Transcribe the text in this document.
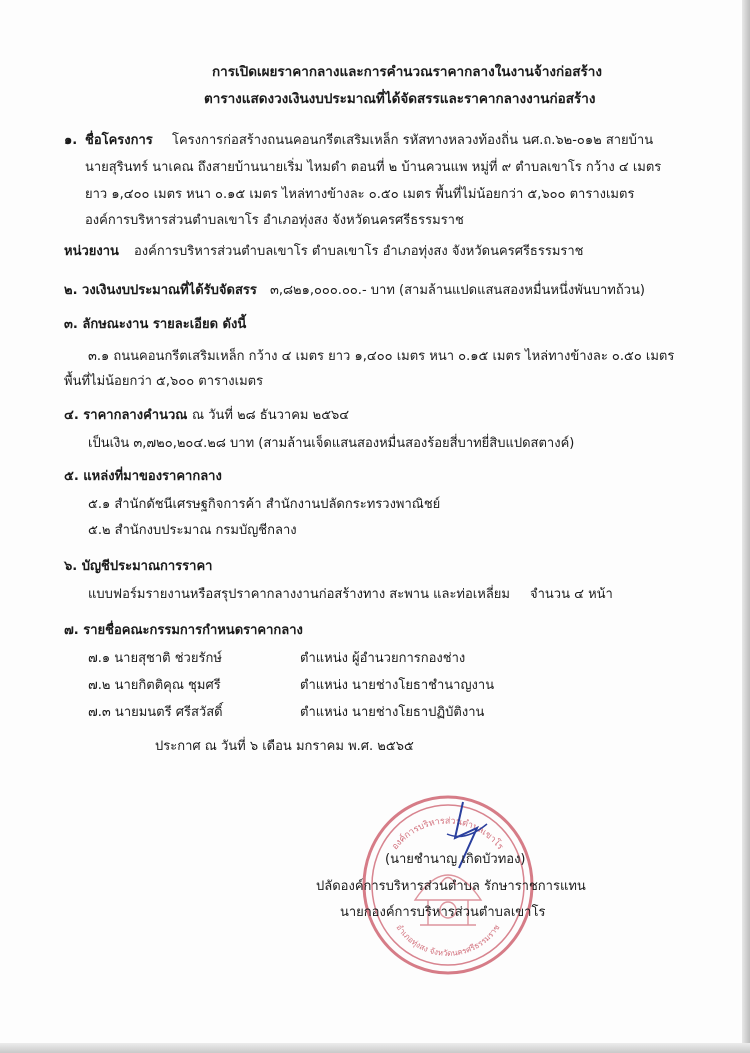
การเปิดเผยราคากลางและการคำนวณราคากลางในงานจ้างก่อสร้าง
ตารางแสดงวงเงินงบประมาณที่ได้จัดสรรและราคากลางงานก่อสร้าง
๑. ชื่อโครงการ โครงการก่อสร้างถนนคอนกรีตเสริมเหล็ก รหัสทางหลวงท้องถิ่น นศ.ถ.๖๒-๐๑๒ สายบ้าน
นายสุรินทร์ นาเคณ ถึงสายบ้านนายเริ่ม ไหมดำ ตอนที่ ๒ บ้านควนแพ หมู่ที่ ๙ ตำบลเขาโร กว้าง ๔ เมตร
ยาว ๑,๔๐๐ เมตร หนา ๐.๑๕ เมตร ไหล่ทางข้างละ ๐.๕๐ เมตร พื้นที่ไม่น้อยกว่า ๕,๖๐๐ ตารางเมตร
องค์การบริหารส่วนตำบลเขาโร อำเภอทุ่งสง จังหวัดนครศรีธรรมราช
หน่วยงาน องค์การบริหารส่วนตำบลเขาโร ตำบลเขาโร อำเภอทุ่งสง จังหวัดนครศรีธรรมราช
๒. วงเงินงบประมาณที่ได้รับจัดสรร ๓,๘๒๑,๐๐๐.๐๐.- บาท (สามล้านแปดแสนสองหมื่นหนึ่งพันบาทถ้วน)
๓. ลักษณะงาน รายละเอียด ดังนี้
๓.๑ ถนนคอนกรีตเสริมเหล็ก กว้าง ๔ เมตร ยาว ๑,๔๐๐ เมตร หนา ๐.๑๕ เมตร ไหล่ทางข้างละ ๐.๕๐ เมตร
พื้นที่ไม่น้อยกว่า ๕,๖๐๐ ตารางเมตร
๔. ราคากลางคำนวณ ณ วันที่ ๒๘ ธันวาคม ๒๕๖๔
เป็นเงิน ๓,๗๒๐,๒๐๔.๒๘ บาท (สามล้านเจ็ดแสนสองหมื่นสองร้อยสี่บาทยี่สิบแปดสตางค์)
๕. แหล่งที่มาของราคากลาง
๕.๑ สำนักดัชนีเศรษฐกิจการค้า สำนักงานปลัดกระทรวงพาณิชย์
๕.๒ สำนักงบประมาณ กรมบัญชีกลาง
๖. บัญชีประมาณการราคา
แบบฟอร์มรายงานหรือสรุปราคากลางงานก่อสร้างทาง สะพาน และท่อเหลี่ยม จำนวน ๔ หน้า
๗. รายชื่อคณะกรรมการกำหนดราคากลาง
๗.๑ นายสุชาติ ช่วยรักษ์	ตำแหน่ง ผู้อำนวยการกองช่าง
๗.๒ นายกิตติคุณ ชุมศรี	ตำแหน่ง นายช่างโยธาชำนาญงาน
๗.๓ นายมนตรี ศรีสวัสดิ์	ตำแหน่ง นายช่างโยธาปฏิบัติงาน
ประกาศ ณ วันที่ ๖ เดือน มกราคม พ.ศ. ๒๕๖๕
องค์การบริหารส่วนตำบลเขาโร
อำเภอทุ่งสง จังหวัดนครศรีธรรมราช
(นายชำนาญ เกิดบัวทอง)
ปลัดองค์การบริหารส่วนตำบล รักษาราชการแทน
นายกองค์การบริหารส่วนตำบลเขาโร
